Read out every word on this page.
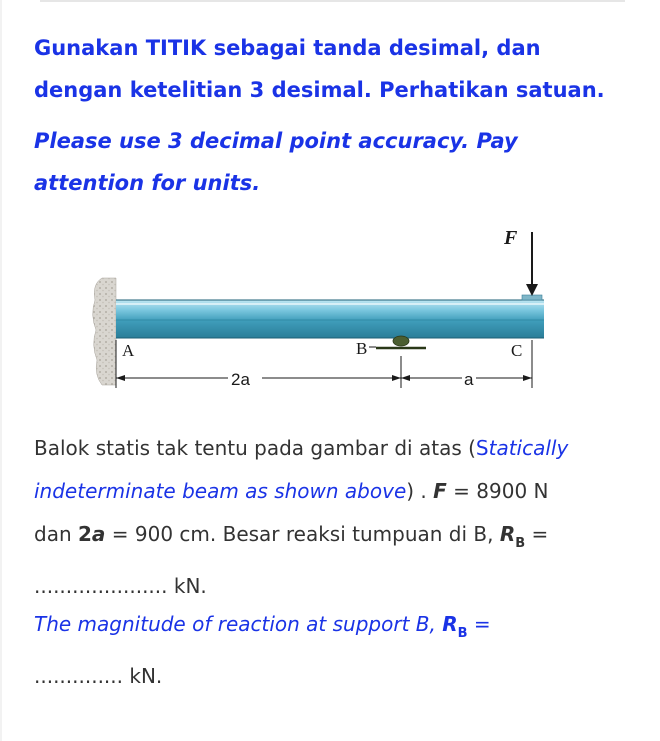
Gunakan TITIK sebagai tanda desimal, dan dengan ketelitian 3 desimal. Perhatikan satuan.

Please use 3 decimal point accuracy. Pay attention for units.

F
A	B	C
2a	a

Balok statis tak tentu pada gambar di atas (Statically indeterminate beam as shown above) . F = 8900 N
dan 2a = 900 cm. Besar reaksi tumpuan di B, $R_B$ =
..................... kN.

The magnitude of reaction at support B, $R_B$ =
.............. kN.
